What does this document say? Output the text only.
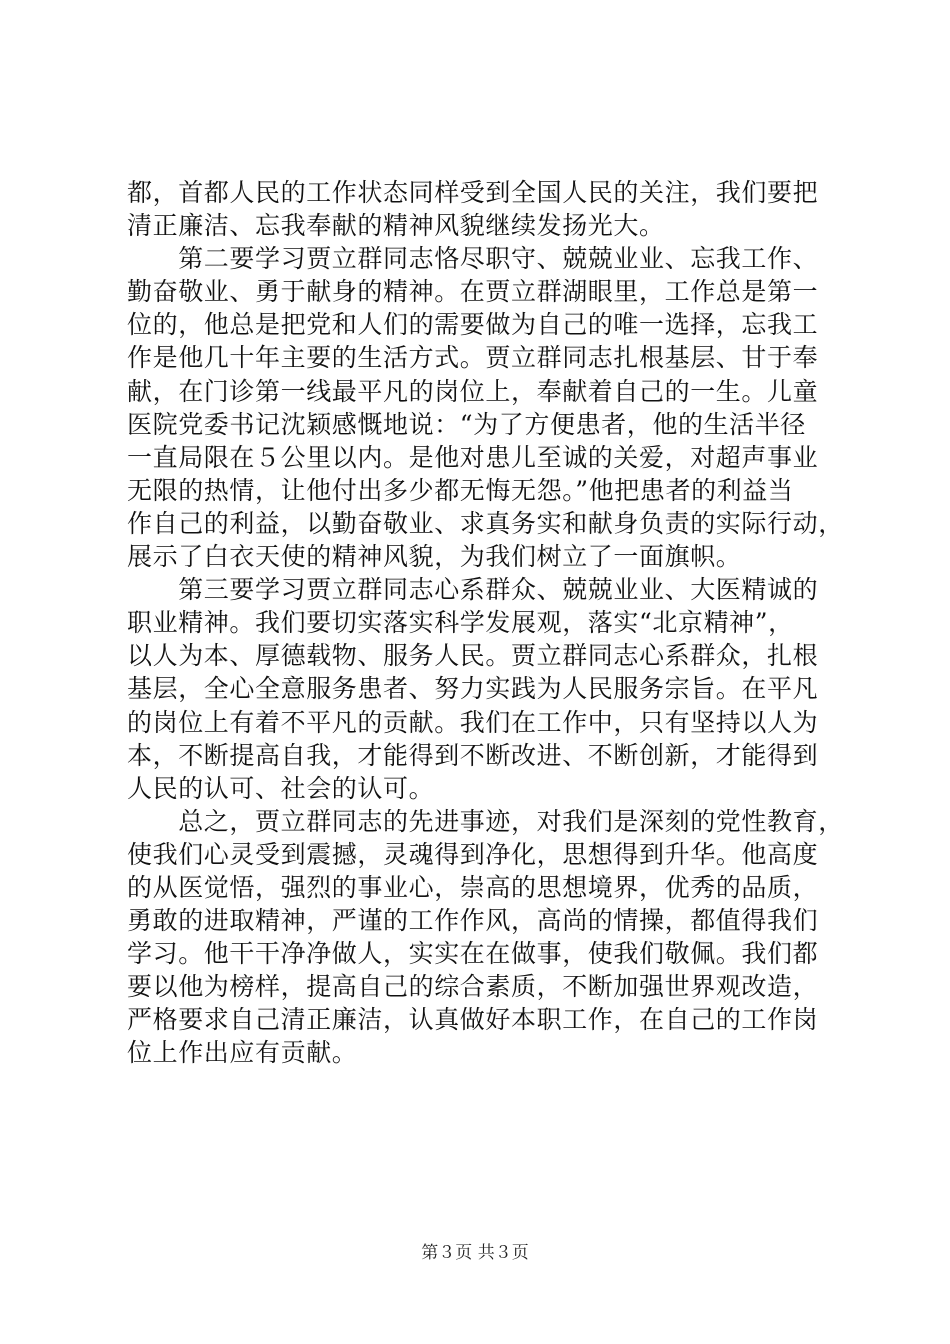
都，首都人民的工作状态同样受到全国人民的关注，我们要把
清正廉洁、忘我奉献的精神风貌继续发扬光大。
　　第二要学习贾立群同志恪尽职守、兢兢业业、忘我工作、
勤奋敬业、勇于献身的精神。在贾立群湖眼里，工作总是第一
位的，他总是把党和人们的需要做为自己的唯一选择，忘我工
作是他几十年主要的生活方式。贾立群同志扎根基层、甘于奉
献，在门诊第一线最平凡的岗位上，奉献着自己的一生。儿童
医院党委书记沈颖感慨地说：“为了方便患者，他的生活半径
一直局限在５公里以内。是他对患儿至诚的关爱，对超声事业
无限的热情，让他付出多少都无悔无怨。”他把患者的利益当
作自己的利益，以勤奋敬业、求真务实和献身负责的实际行动，
展示了白衣天使的精神风貌，为我们树立了一面旗帜。
　　第三要学习贾立群同志心系群众、兢兢业业、大医精诚的
职业精神。我们要切实落实科学发展观，落实“北京精神”，
以人为本、厚德载物、服务人民。贾立群同志心系群众，扎根
基层，全心全意服务患者、努力实践为人民服务宗旨。在平凡
的岗位上有着不平凡的贡献。我们在工作中，只有坚持以人为
本，不断提高自我，才能得到不断改进、不断创新，才能得到
人民的认可、社会的认可。
　　总之，贾立群同志的先进事迹，对我们是深刻的党性教育，
使我们心灵受到震撼，灵魂得到净化，思想得到升华。他高度
的从医觉悟，强烈的事业心，崇高的思想境界，优秀的品质，
勇敢的进取精神，严谨的工作作风，高尚的情操，都值得我们
学习。他干干净净做人，实实在在做事，使我们敬佩。我们都
要以他为榜样，提高自己的综合素质，不断加强世界观改造，
严格要求自己清正廉洁，认真做好本职工作，在自己的工作岗
位上作出应有贡献。
第３页 共３页
